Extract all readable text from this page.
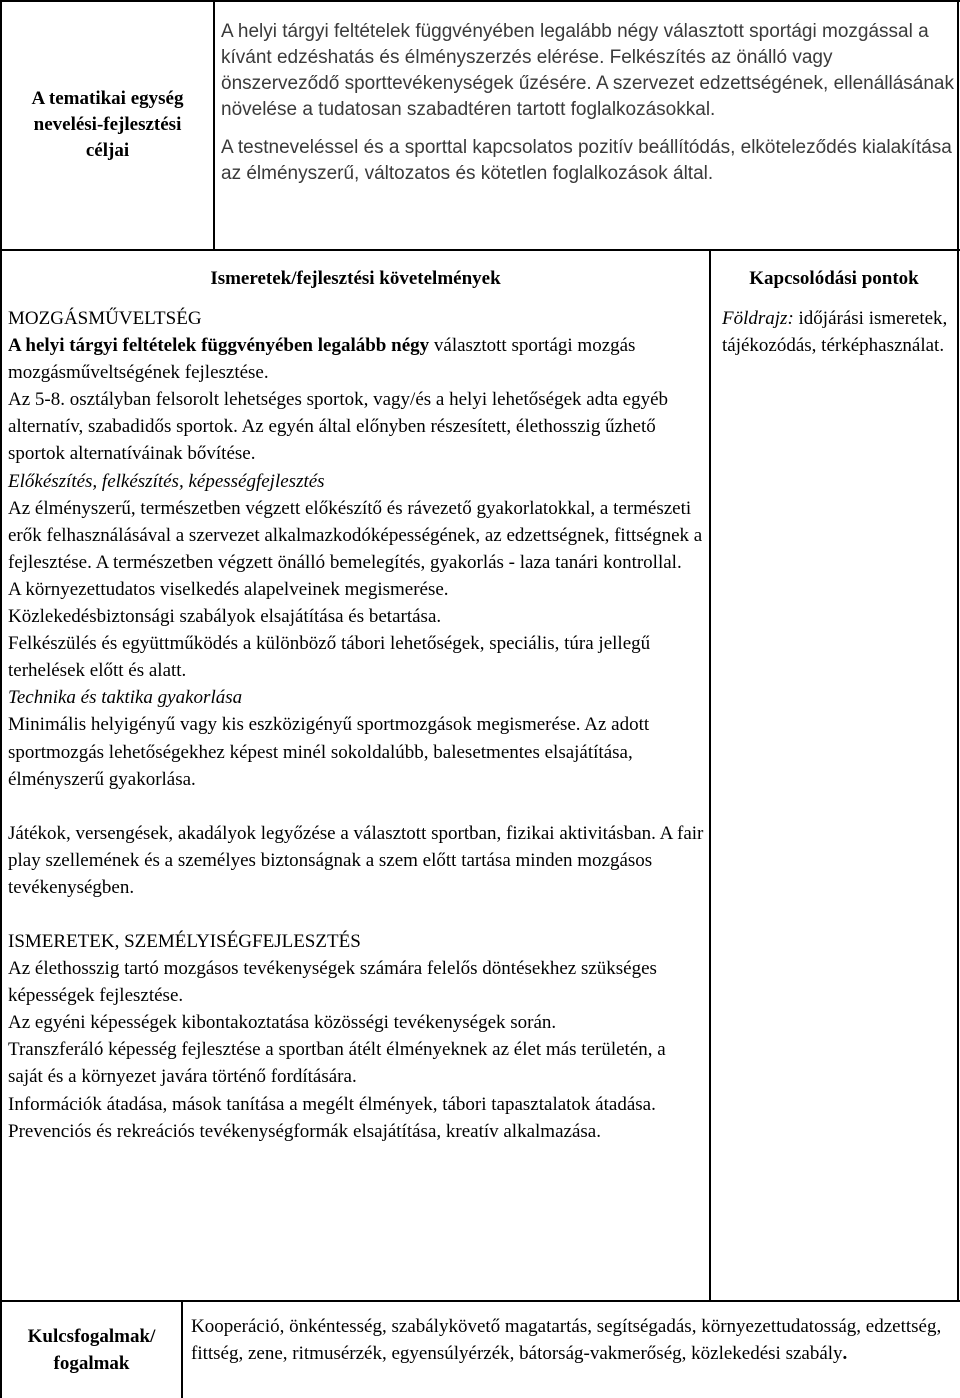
A tematikai egység nevelési-fejlesztési céljai

A helyi tárgyi feltételek függvényében legalább négy választott sportági mozgással a kívánt edzéshatás és élményszerzés elérése. Felkészítés az önálló vagy önszerveződő sporttevékenységek űzésére. A szervezet edzettségének, ellenállásának növelése a tudatosan szabadtéren tartott foglalkozásokkal.

A testneveléssel és a sporttal kapcsolatos pozitív beállítódás, elköteleződés kialakítása az élményszerű, változatos és kötetlen foglalkozások által.

Ismeretek/fejlesztési követelmények

MOZGÁSMŰVELTSÉG

A helyi tárgyi feltételek függvényében legalább négy választott sportági mozgás mozgásműveltségének fejlesztése.

Az 5-8. osztályban felsorolt lehetséges sportok, vagy/és a helyi lehetőségek adta egyéb alternatív, szabadidős sportok. Az egyén által előnyben részesített, élethosszig űzhető sportok alternatíváinak bővítése.

Előkészítés, felkészítés, képességfejlesztés

Az élményszerű, természetben végzett előkészítő és rávezető gyakorlatokkal, a természeti erők felhasználásával a szervezet alkalmazkodóképességének, az edzettségnek, fittségnek a fejlesztése. A természetben végzett önálló bemelegítés, gyakorlás - laza tanári kontrollal.

A környezettudatos viselkedés alapelveinek megismerése.

Közlekedésbiztonsági szabályok elsajátítása és betartása.

Felkészülés és együttműködés a különböző tábori lehetőségek, speciális, túra jellegű terhelések előtt és alatt.

Technika és taktika gyakorlása

Minimális helyigényű vagy kis eszközigényű sportmozgások megismerése. Az adott sportmozgás lehetőségekhez képest minél sokoldalúbb, balesetmentes elsajátítása, élményszerű gyakorlása.

Játékok, versengések, akadályok legyőzése a választott sportban, fizikai aktivitásban. A fair play szellemének és a személyes biztonságnak a szem előtt tartása minden mozgásos tevékenységben.

ISMERETEK, SZEMÉLYISÉGFEJLESZTÉS

Az élethosszig tartó mozgásos tevékenységek számára felelős döntésekhez szükséges képességek fejlesztése.

Az egyéni képességek kibontakoztatása közösségi tevékenységek során.

Transzferáló képesség fejlesztése a sportban átélt élményeknek az élet más területén, a saját és a környezet javára történő fordítására.

Információk átadása, mások tanítása a megélt élmények, tábori tapasztalatok átadása.

Prevenciós és rekreációs tevékenységformák elsajátítása, kreatív alkalmazása.

Kapcsolódási pontok

Földrajz: időjárási ismeretek, tájékozódás, térképhasználat.

Kulcsfogalmak/ fogalmak

Kooperáció, önkéntesség, szabálykövető magatartás, segítségadás, környezettudatosság, edzettség, fittség, zene, ritmusérzék, egyensúlyérzék, bátorság-vakmerőség, közlekedési szabály.
